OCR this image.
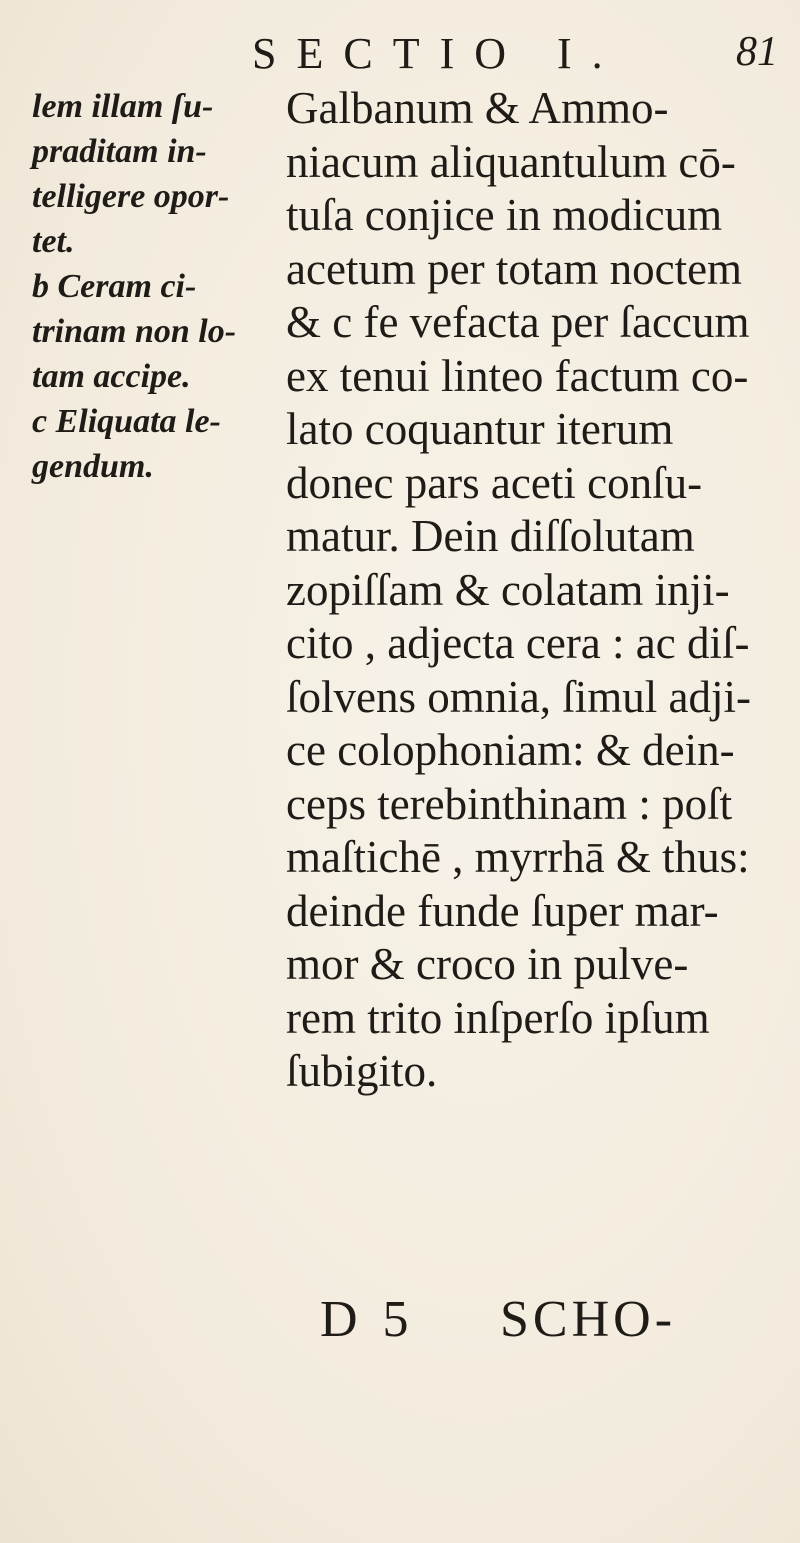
SECTIO I.	81
lem illam ſu-
praditam in-
telligere opor-
tet.
b Ceram ci-
trinam non lo-
tam accipe.
c Eliquata le-
gendum.
Galbanum & Ammo-
niacum aliquantulum cō-
tuſa conjice in modicum
acetum per totam noctem
& c fe vefacta per ſaccum
ex tenui linteo factum co-
lato coquantur iterum
donec pars aceti conſu-
matur. Dein diſſolutam
zopiſſam & colatam inji-
cito , adjecta cera : ac diſ-
ſolvens omnia, ſimul adji-
ce colophoniam: & dein-
ceps terebinthinam : poſt
maſtichē , myrrhā & thus:
deinde funde ſuper mar-
mor & croco in pulve-
rem trito inſperſo ipſum
ſubigito.
D 5 SCHO-
